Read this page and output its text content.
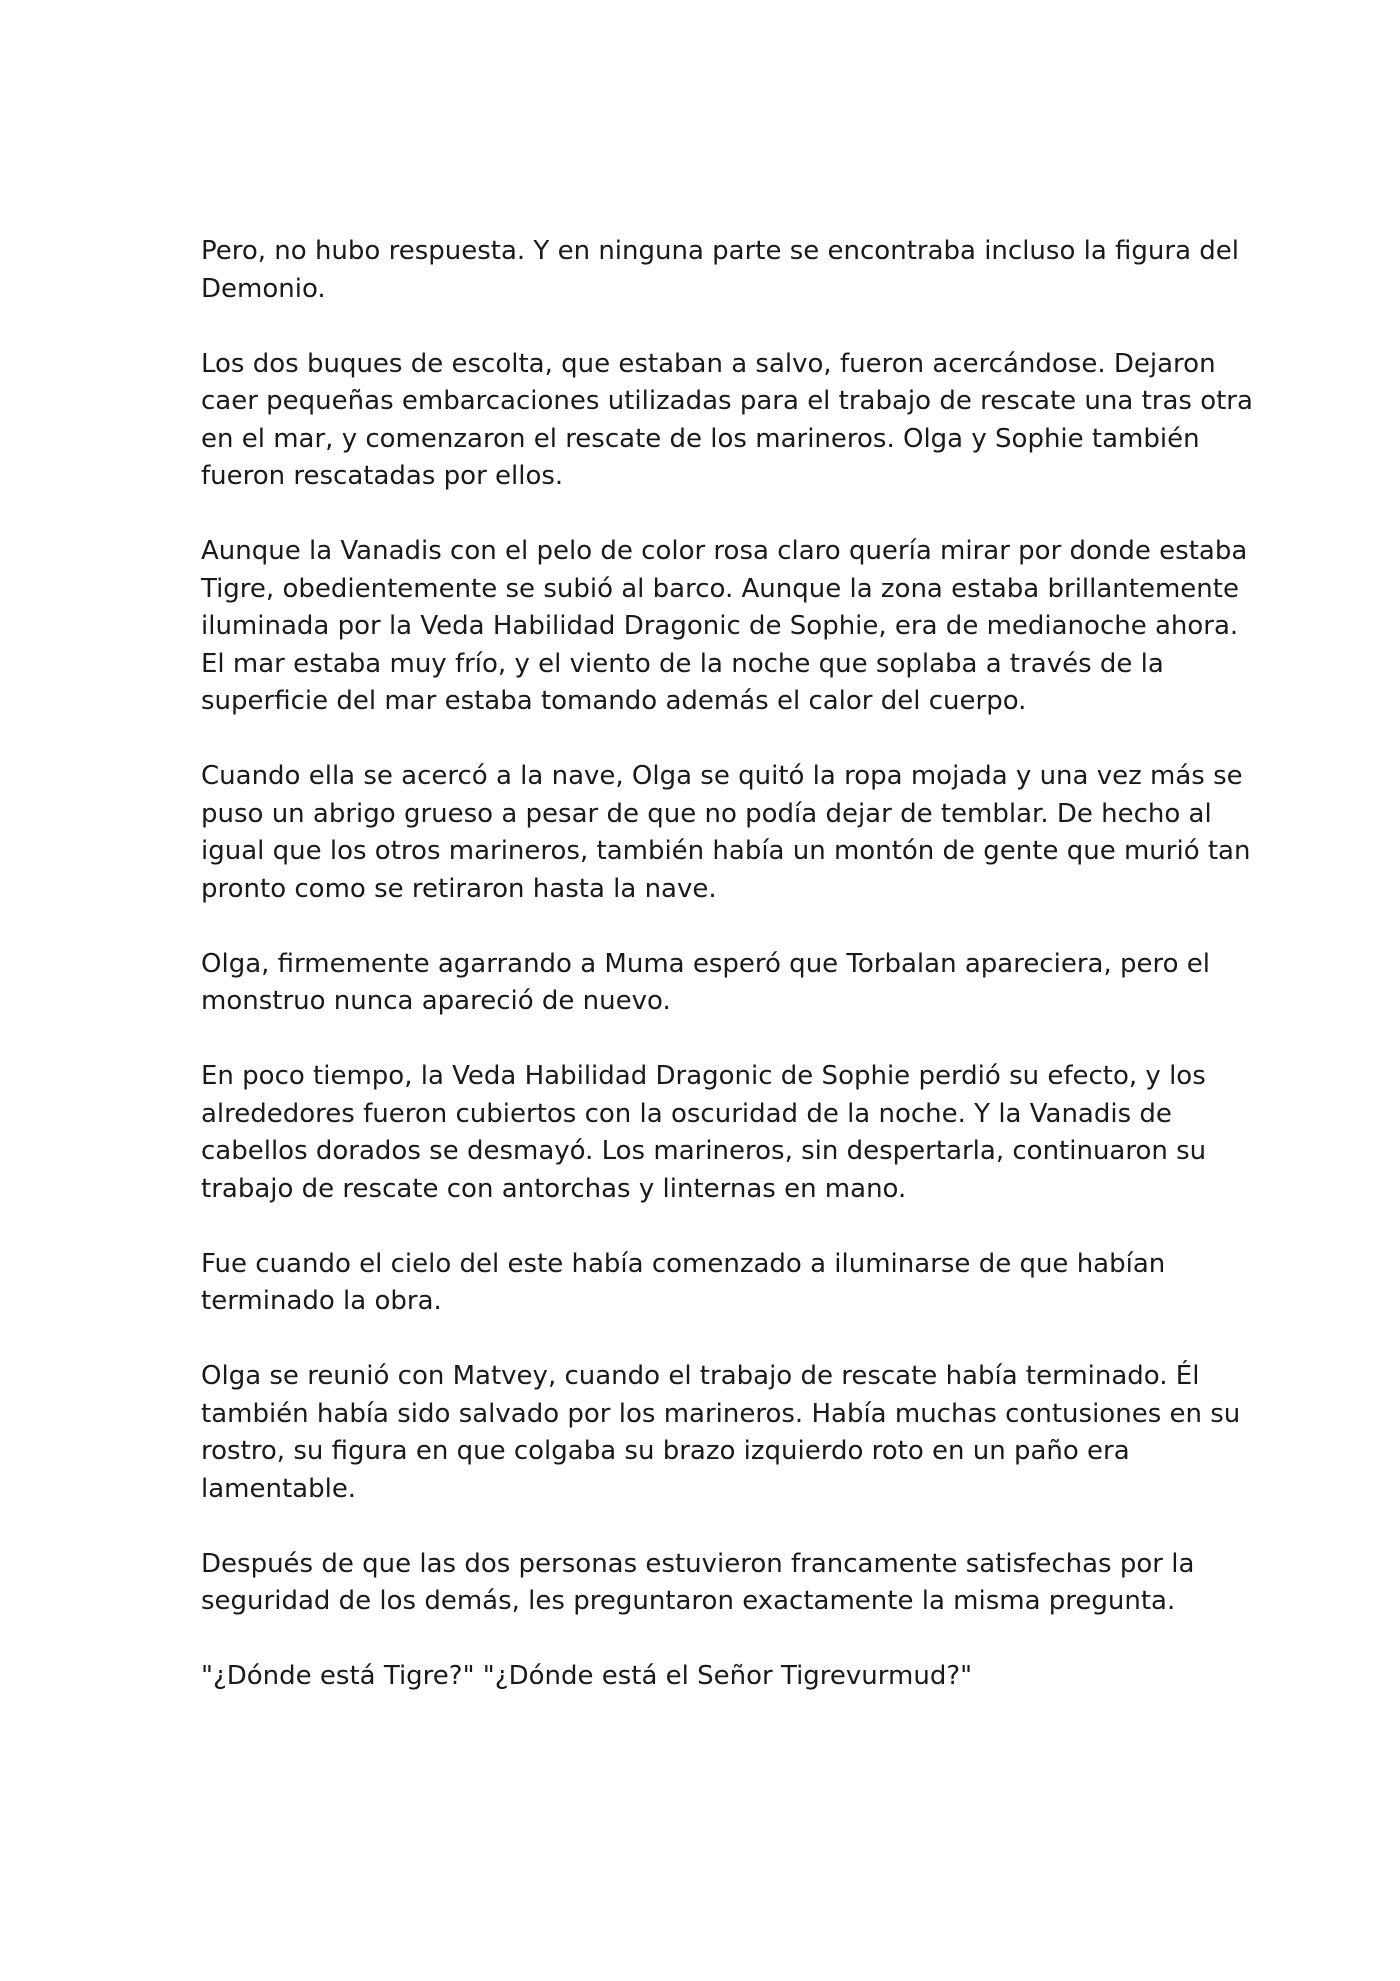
Pero, no hubo respuesta. Y en ninguna parte se encontraba incluso la figura del
Demonio.

Los dos buques de escolta, que estaban a salvo, fueron acercándose. Dejaron
caer pequeñas embarcaciones utilizadas para el trabajo de rescate una tras otra
en el mar, y comenzaron el rescate de los marineros. Olga y Sophie también
fueron rescatadas por ellos.

Aunque la Vanadis con el pelo de color rosa claro quería mirar por donde estaba
Tigre, obedientemente se subió al barco. Aunque la zona estaba brillantemente
iluminada por la Veda Habilidad Dragonic de Sophie, era de medianoche ahora.
El mar estaba muy frío, y el viento de la noche que soplaba a través de la
superficie del mar estaba tomando además el calor del cuerpo.

Cuando ella se acercó a la nave, Olga se quitó la ropa mojada y una vez más se
puso un abrigo grueso a pesar de que no podía dejar de temblar. De hecho al
igual que los otros marineros, también había un montón de gente que murió tan
pronto como se retiraron hasta la nave.

Olga, firmemente agarrando a Muma esperó que Torbalan apareciera, pero el
monstruo nunca apareció de nuevo.

En poco tiempo, la Veda Habilidad Dragonic de Sophie perdió su efecto, y los
alrededores fueron cubiertos con la oscuridad de la noche. Y la Vanadis de
cabellos dorados se desmayó. Los marineros, sin despertarla, continuaron su
trabajo de rescate con antorchas y linternas en mano.

Fue cuando el cielo del este había comenzado a iluminarse de que habían
terminado la obra.

Olga se reunió con Matvey, cuando el trabajo de rescate había terminado. Él
también había sido salvado por los marineros. Había muchas contusiones en su
rostro, su figura en que colgaba su brazo izquierdo roto en un paño era
lamentable.

Después de que las dos personas estuvieron francamente satisfechas por la
seguridad de los demás, les preguntaron exactamente la misma pregunta.

"¿Dónde está Tigre?" "¿Dónde está el Señor Tigrevurmud?"
